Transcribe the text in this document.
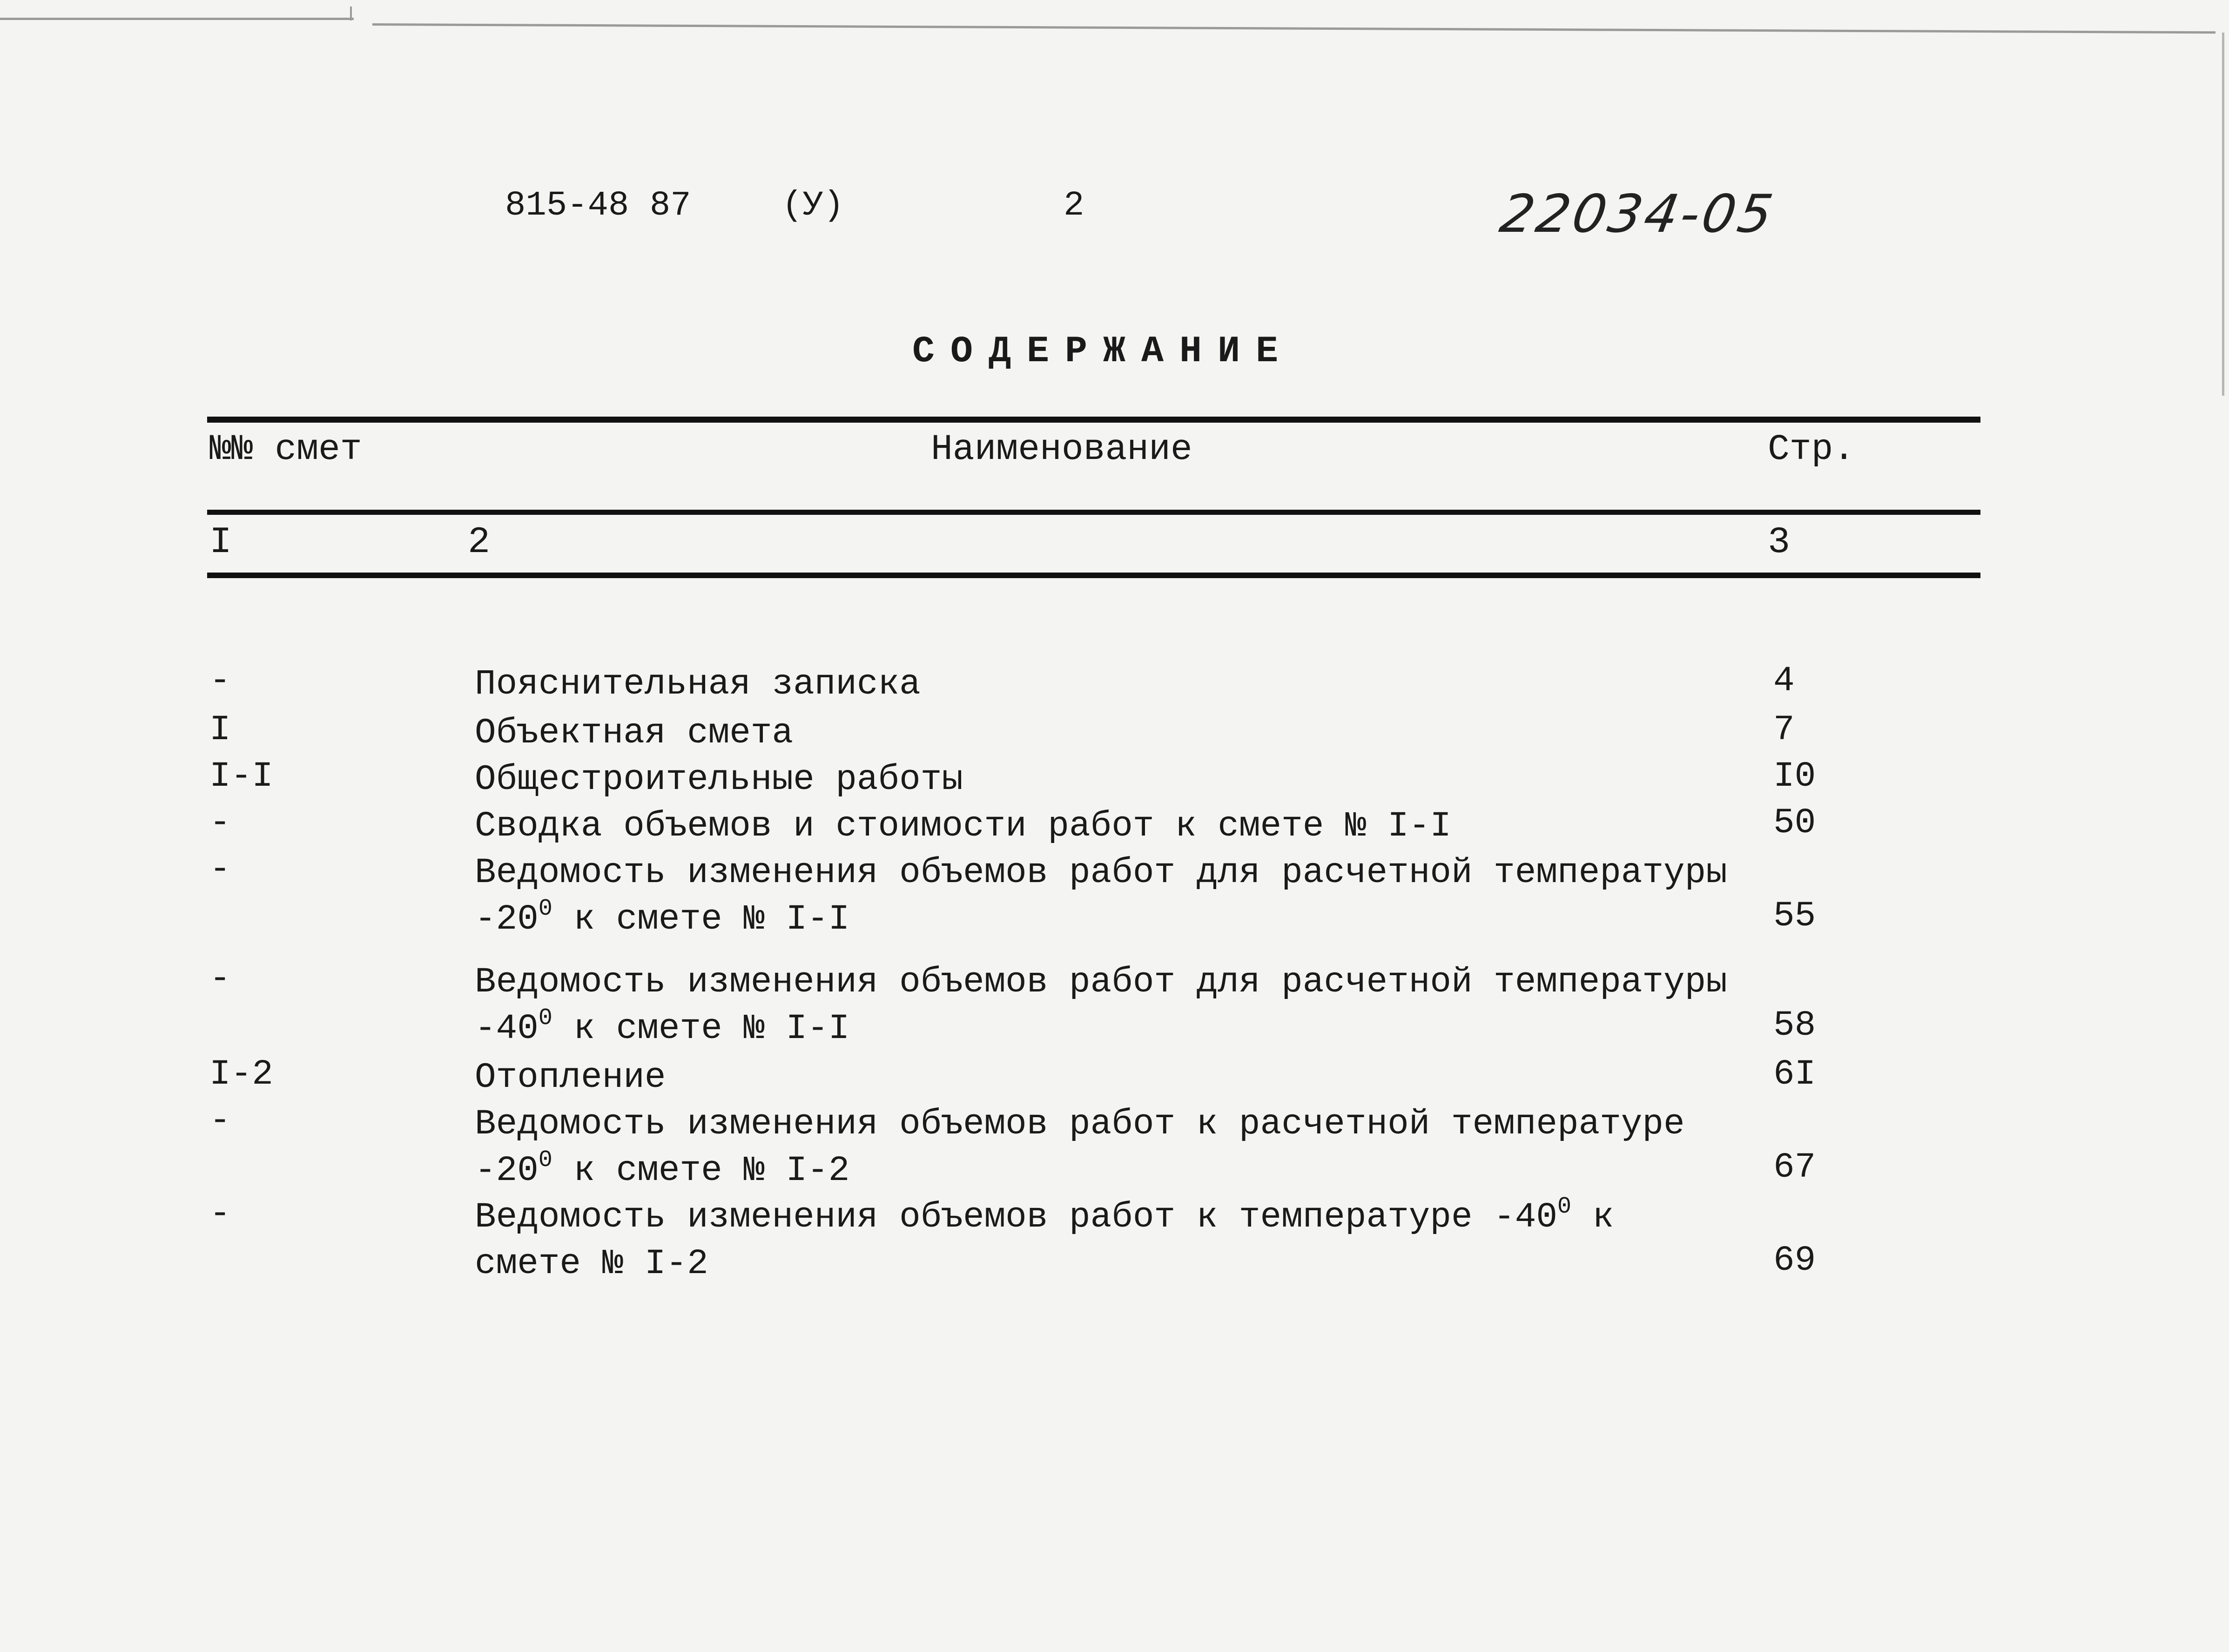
815-48 87	(У)	2	22034-05
СОДЕРЖАНИЕ
№№ смет	Наименование	Стр.
I	2	3
-	Пояснительная записка	4
I	Объектная смета	7
I-I	Общестроительные работы	I0
-	Сводка объемов и стоимости работ к смете № I-I	50
-	Ведомость изменения объемов работ для расчетной температуры
$-20^0$ к смете № I-I	55
-	Ведомость изменения объемов работ для расчетной температуры
$-40^0$ к смете № I-I	58
I-2	Отопление	6I
-	Ведомость изменения объемов работ к расчетной температуре
$-20^0$ к смете № I-2	67
-	Ведомость изменения объемов работ к температуре $-40^0$ к
смете № I-2	69
